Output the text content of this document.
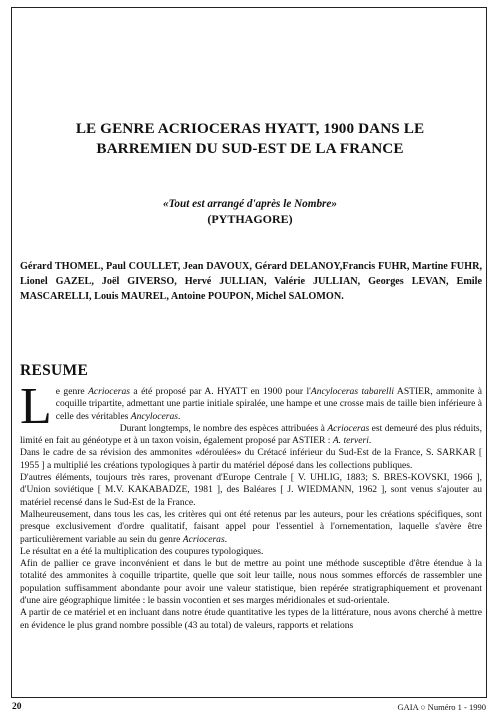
LE GENRE ACRIOCERAS HYATT, 1900 DANS LE
BARREMIEN DU SUD-EST DE LA FRANCE
«Tout est arrangé d'après le Nombre»
(PYTHAGORE)
Gérard THOMEL, Paul COULLET, Jean DAVOUX, Gérard DELANOY,Francis FUHR, Martine FUHR, Lionel GAZEL, Joël GIVERSO, Hervé JULLIAN, Valérie JULLIAN, Georges LEVAN, Emile MASCARELLI, Louis MAUREL, Antoine POUPON, Michel SALOMON.
RESUME

Le genre Acrioceras a été proposé par A. HYATT en 1900 pour l'Ancyloceras tabarelli ASTIER, ammonite à coquille tripartite, admettant une partie initiale spiralée, une hampe et une crosse mais de taille bien inférieure à celle des véritables Ancyloceras.

Durant longtemps, le nombre des espèces attribuées à Acrioceras est demeuré des plus réduits, limité en fait au généotype et à un taxon voisin, également proposé par ASTIER : A. terveri.

Dans le cadre de sa révision des ammonites «déroulées» du Crétacé inférieur du Sud-Est de la France, S. SARKAR [ 1955 ] a multiplié les créations typologiques à partir du matériel déposé dans les collections publiques.

D'autres éléments, toujours très rares, provenant d'Europe Centrale [ V. UHLIG, 1883; S. BRES-KOVSKI, 1966 ], d'Union soviétique [ M.V. KAKABADZE, 1981 ], des Baléares [ J. WIEDMANN, 1962 ], sont venus s'ajouter au matériel recensé dans le Sud-Est de la France.

Malheureusement, dans tous les cas, les critères qui ont été retenus par les auteurs, pour les créations spécifiques, sont presque exclusivement d'ordre qualitatif, faisant appel pour l'essentiel à l'ornementation, laquelle s'avère être particulièrement variable au sein du genre Acrioceras.

Le résultat en a été la multiplication des coupures typologiques.

Afin de pallier ce grave inconvénient et dans le but de mettre au point une méthode susceptible d'être étendue à la totalité des ammonites à coquille tripartite, quelle que soit leur taille, nous nous sommes efforcés de rassembler une population suffisamment abondante pour avoir une valeur statistique, bien repérée stratigraphiquement et provenant d'une aire géographique limitée : le bassin vocontien et ses marges méridionales et sud-orientale.

A partir de ce matériel et en incluant dans notre étude quantitative les types de la littérature, nous avons cherché à mettre en évidence le plus grand nombre possible (43 au total) de valeurs, rapports et relations

20	GAIA ○ Numéro 1 - 1990
